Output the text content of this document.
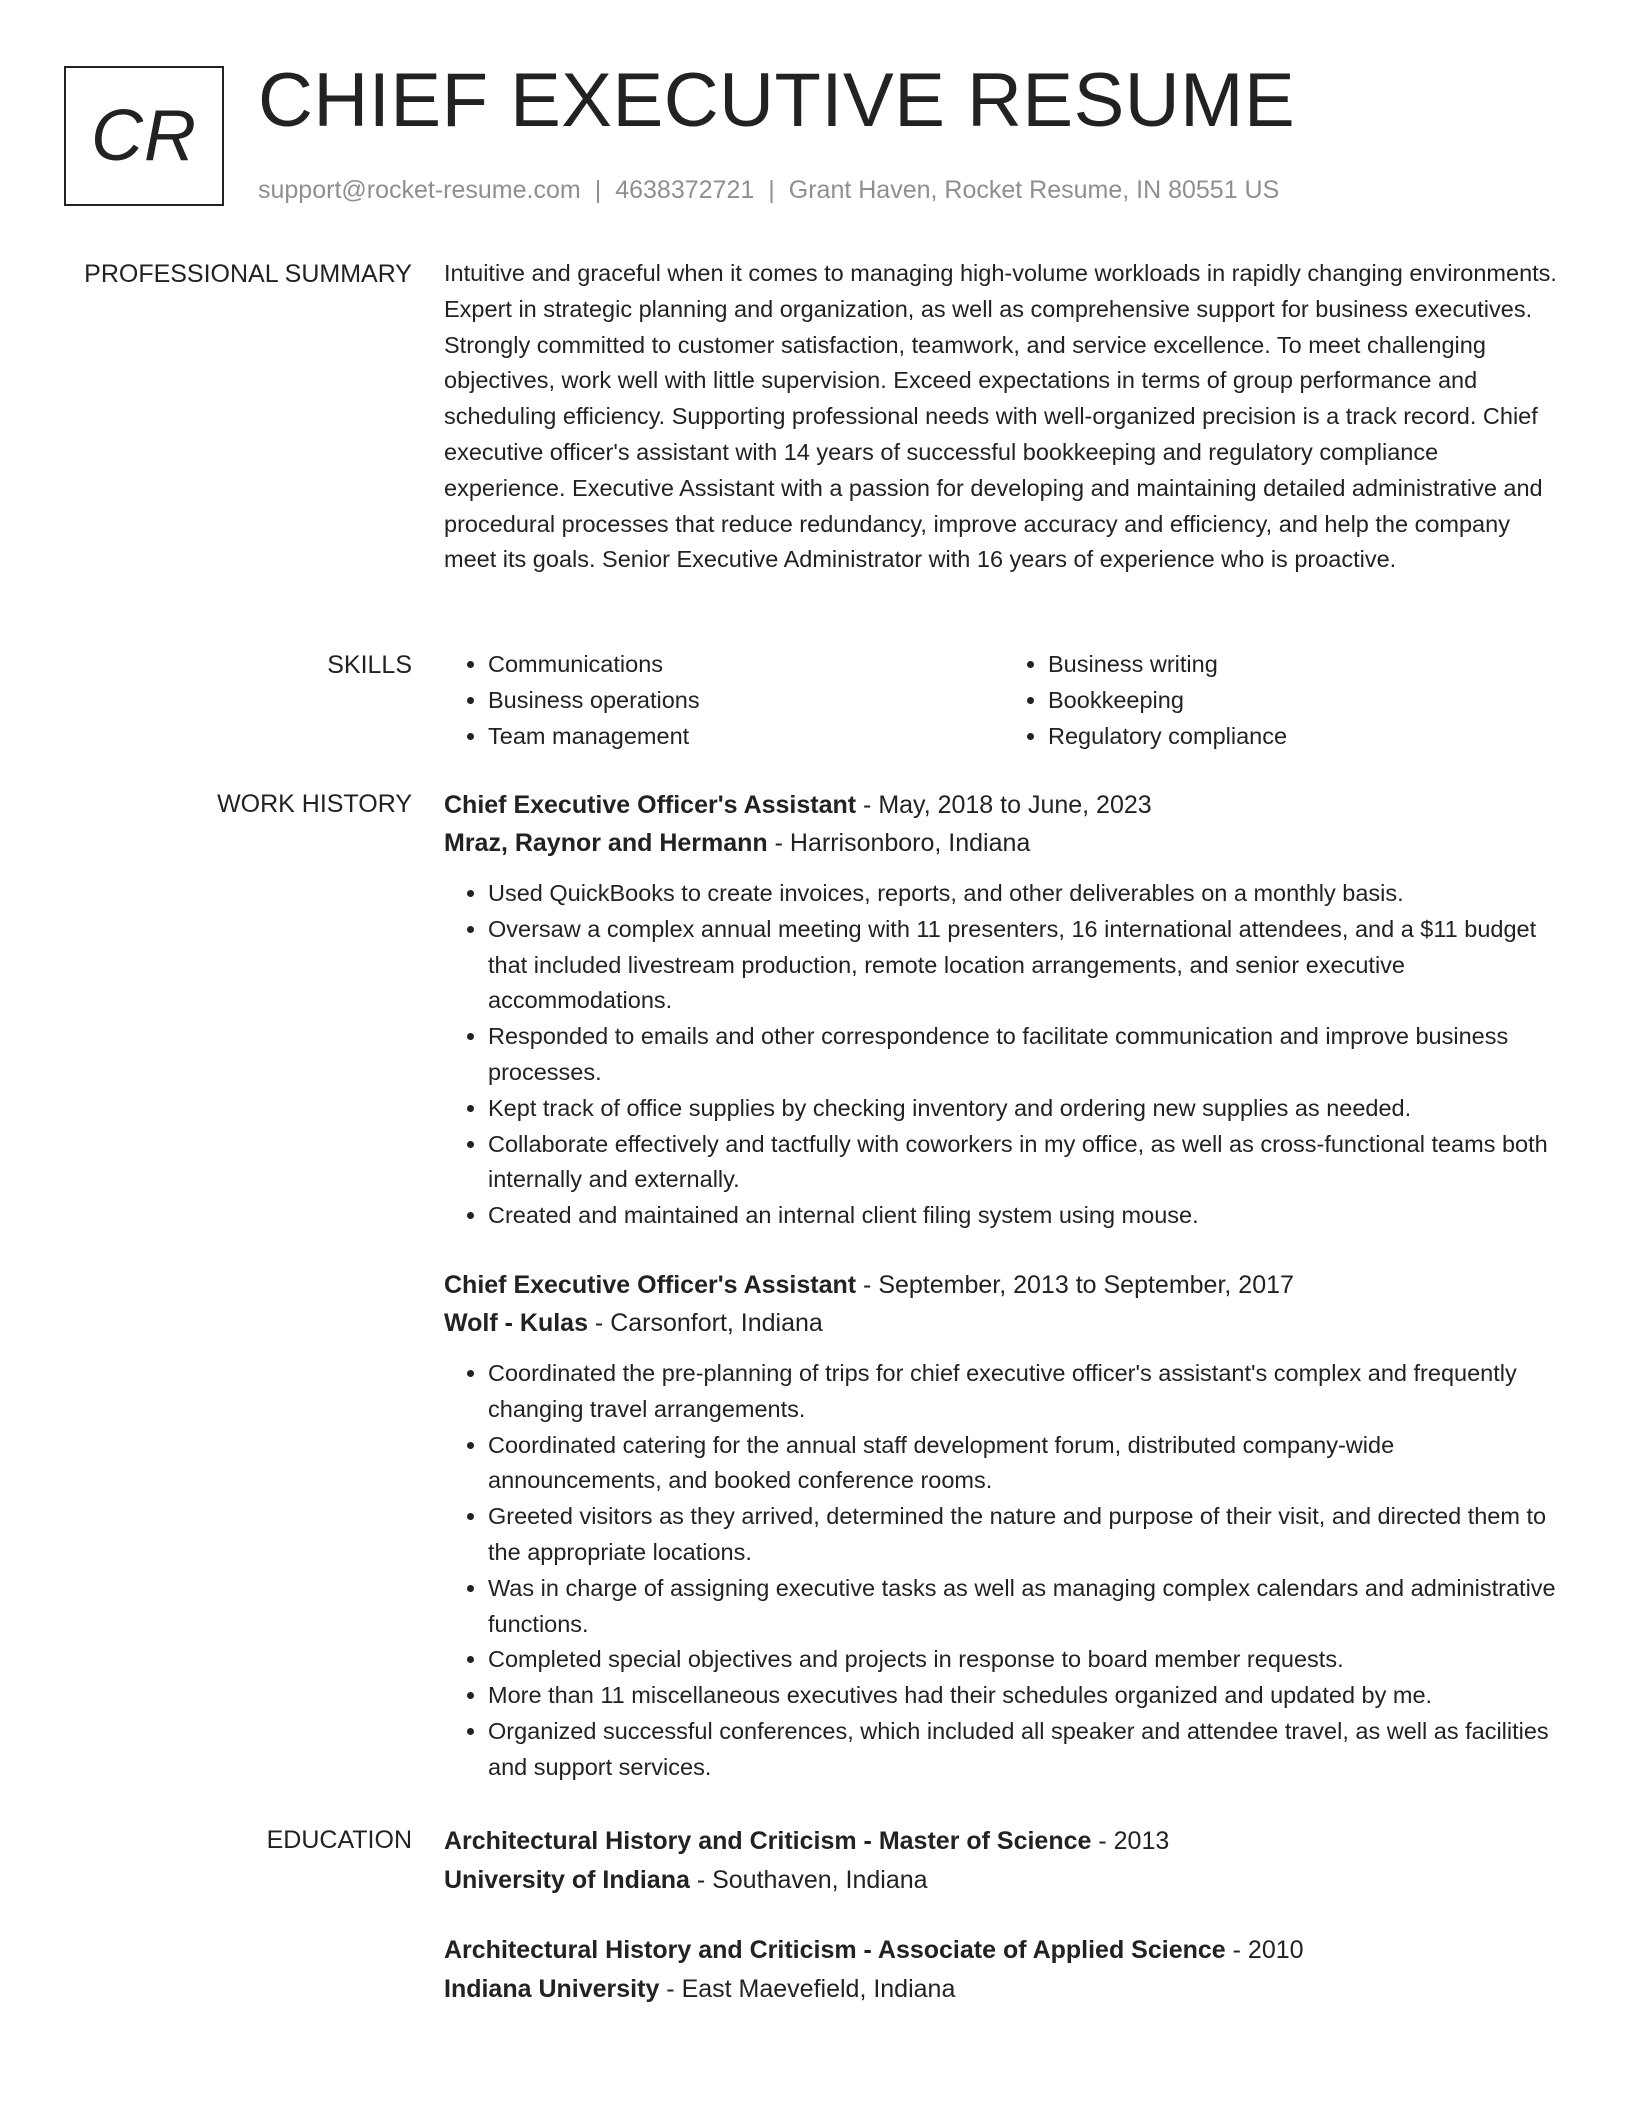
CR CHIEF EXECUTIVE RESUME
support@rocket-resume.com | 4638372721 | Grant Haven, Rocket Resume, IN 80551 US
PROFESSIONAL SUMMARY Intuitive and graceful when it comes to managing high-volume workloads in rapidly changing environments. Expert in strategic planning and organization, as well as comprehensive support for business executives. Strongly committed to customer satisfaction, teamwork, and service excellence. To meet challenging objectives, work well with little supervision. Exceed expectations in terms of group performance and scheduling efficiency. Supporting professional needs with well-organized precision is a track record. Chief executive officer's assistant with 14 years of successful bookkeeping and regulatory compliance experience. Executive Assistant with a passion for developing and maintaining detailed administrative and procedural processes that reduce redundancy, improve accuracy and efficiency, and help the company meet its goals. Senior Executive Administrator with 16 years of experience who is proactive.

SKILLS
•	Communications
• Business operations
• Team management
• Business writing
• Bookkeeping
• Regulatory compliance
WORK HISTORY Chief Executive Officer's Assistant - May, 2018 to June, 2023
Mraz, Raynor and Hermann - Harrisonboro, Indiana
• Used QuickBooks to create invoices, reports, and other deliverables on a monthly basis.
• Oversaw a complex annual meeting with 11 presenters, 16 international attendees, and a $11 budget that included livestream production, remote location arrangements, and senior executive accommodations.
• Responded to emails and other correspondence to facilitate communication and improve business processes.
• Kept track of office supplies by checking inventory and ordering new supplies as needed.
• Collaborate effectively and tactfully with coworkers in my office, as well as cross-functional teams both internally and externally.
• Created and maintained an internal client filing system using mouse.
Chief Executive Officer's Assistant - September, 2013 to September, 2017
Wolf - Kulas - Carsonfort, Indiana
• Coordinated the pre-planning of trips for chief executive officer's assistant's complex and frequently changing travel arrangements.
• Coordinated catering for the annual staff development forum, distributed company-wide announcements, and booked conference rooms.
• Greeted visitors as they arrived, determined the nature and purpose of their visit, and directed them to the appropriate locations.
• Was in charge of assigning executive tasks as well as managing complex calendars and administrative functions.
• Completed special objectives and projects in response to board member requests.
• More than 11 miscellaneous executives had their schedules organized and updated by me.
• Organized successful conferences, which included all speaker and attendee travel, as well as facilities and support services.
EDUCATION Architectural History and Criticism - Master of Science - 2013
University of Indiana - Southaven, Indiana
Architectural History and Criticism - Associate of Applied Science - 2010
Indiana University - East Maevefield, Indiana
